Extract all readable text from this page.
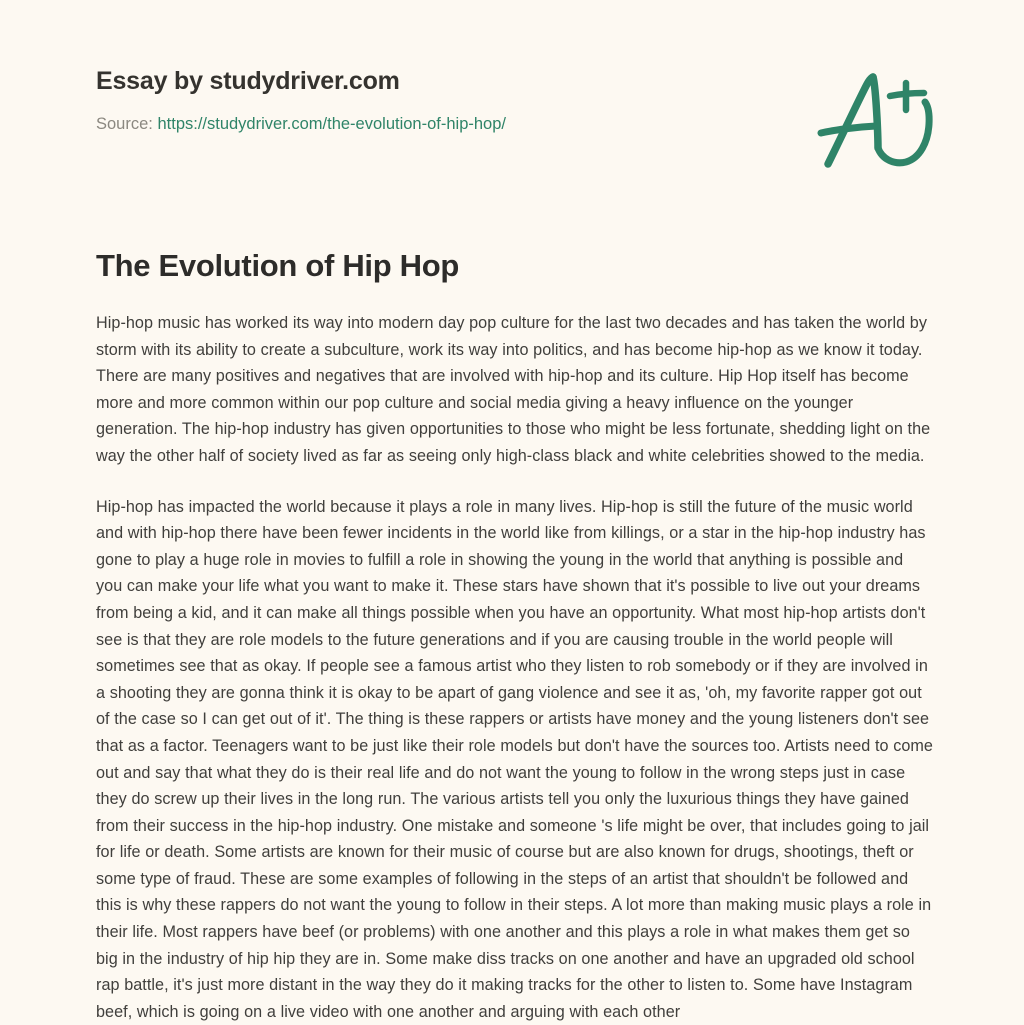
Essay by studydriver.com
Source: https://studydriver.com/the-evolution-of-hip-hop/
The Evolution of Hip Hop

Hip-hop music has worked its way into modern day pop culture for the last two decades and has taken the world by storm with its ability to create a subculture, work its way into politics, and has become hip-hop as we know it today. There are many positives and negatives that are involved with hip-hop and its culture. Hip Hop itself has become more and more common within our pop culture and social media giving a heavy influence on the younger generation. The hip-hop industry has given opportunities to those who might be less fortunate, shedding light on the way the other half of society lived as far as seeing only high-class black and white celebrities showed to the media.

Hip-hop has impacted the world because it plays a role in many lives. Hip-hop is still the future of the music world and with hip-hop there have been fewer incidents in the world like from killings, or a star in the hip-hop industry has gone to play a huge role in movies to fulfill a role in showing the young in the world that anything is possible and you can make your life what you want to make it. These stars have shown that it's possible to live out your dreams from being a kid, and it can make all things possible when you have an opportunity. What most hip-hop artists don't see is that they are role models to the future generations and if you are causing trouble in the world people will sometimes see that as okay. If people see a famous artist who they listen to rob somebody or if they are involved in a shooting they are gonna think it is okay to be apart of gang violence and see it as, 'oh, my favorite rapper got out of the case so I can get out of it'. The thing is these rappers or artists have money and the young listeners don't see that as a factor. Teenagers want to be just like their role models but don't have the sources too. Artists need to come out and say that what they do is their real life and do not want the young to follow in the wrong steps just in case they do screw up their lives in the long run. The various artists tell you only the luxurious things they have gained from their success in the hip-hop industry. One mistake and someone 's life might be over, that includes going to jail for life or death. Some artists are known for their music of course but are also known for drugs, shootings, theft or some type of fraud. These are some examples of following in the steps of an artist that shouldn't be followed and this is why these rappers do not want the young to follow in their steps. A lot more than making music plays a role in their life. Most rappers have beef (or problems) with one another and this plays a role in what makes them get so big in the industry of hip hip they are in. Some make diss tracks on one another and have an upgraded old school rap battle, it's just more distant in the way they do it making tracks for the other to listen to. Some have Instagram beef, which is going on a live video with one another and arguing with each other
